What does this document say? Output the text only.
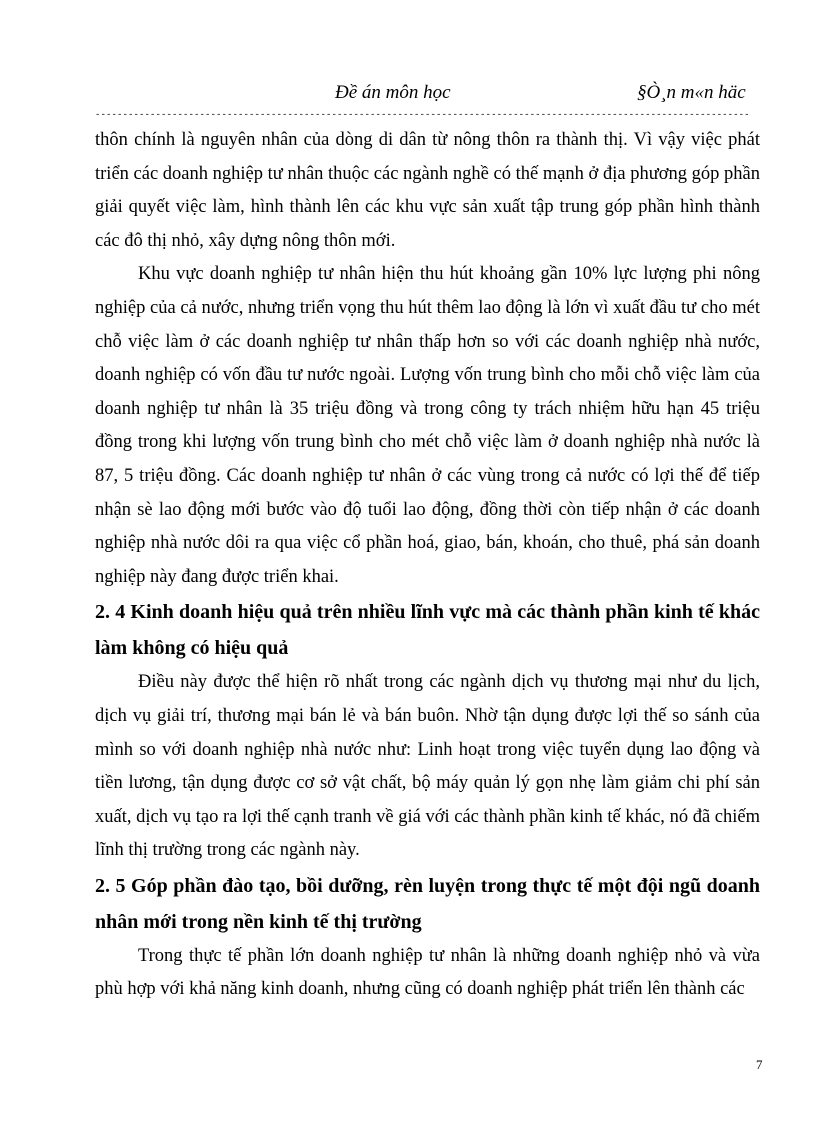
Đề án môn học	§Ò¸n m«n häc
-----------------------------------------------------------------------------------------------------------------------

thôn chính là nguyên nhân của dòng di dân từ nông thôn ra thành thị. Vì vậy việc phát triển các doanh nghiệp tư nhân thuộc các ngành nghề có thế mạnh ở địa phương góp phần giải quyết việc làm, hình thành lên các khu vực sản xuất tập trung góp phần hình thành các đô thị nhỏ, xây dựng nông thôn mới.

Khu vực doanh nghiệp tư nhân hiện thu hút khoảng gần 10% lực lượng phi nông nghiệp của cả nước, nhưng triển vọng thu hút thêm lao động là lớn vì xuất đầu tư cho mét chỗ việc làm ở các doanh nghiệp tư nhân thấp hơn so với các doanh nghiệp nhà nước, doanh nghiệp có vốn đầu tư nước ngoài. Lượng vốn trung bình cho mỗi chỗ việc làm của doanh nghiệp tư nhân là 35 triệu đồng và trong công ty trách nhiệm hữu hạn 45 triệu đồng trong khi lượng vốn trung bình cho mét chỗ việc làm ở doanh nghiệp nhà nước là 87, 5 triệu đồng. Các doanh nghiệp tư nhân ở các vùng trong cả nước có lợi thế để tiếp nhận sè lao động mới bước vào độ tuổi lao động, đồng thời còn tiếp nhận ở các doanh nghiệp nhà nước dôi ra qua việc cổ phần hoá, giao, bán, khoán, cho thuê, phá sản doanh nghiệp này đang được triển khai.

2. 4 Kinh doanh hiệu quả trên nhiều lĩnh vực mà các thành phần kinh tế khác làm không có hiệu quả

Điều này được thể hiện rõ nhất trong các ngành dịch vụ thương mại như du lịch, dịch vụ giải trí, thương mại bán lẻ và bán buôn. Nhờ tận dụng được lợi thế so sánh của mình so với doanh nghiệp nhà nước như: Linh hoạt trong việc tuyển dụng lao động và tiền lương, tận dụng được cơ sở vật chất, bộ máy quản lý gọn nhẹ làm giảm chi phí sản xuất, dịch vụ tạo ra lợi thế cạnh tranh về giá với các thành phần kinh tế khác, nó đã chiếm lĩnh thị trường trong các ngành này.

2. 5 Góp phần đào tạo, bồi dưỡng, rèn luyện trong thực tế một đội ngũ doanh nhân mới trong nền kinh tế thị trường

Trong thực tế phần lớn doanh nghiệp tư nhân là những doanh nghiệp nhỏ và vừa phù hợp với khả năng kinh doanh, nhưng cũng có doanh nghiệp phát triển lên thành các

7
